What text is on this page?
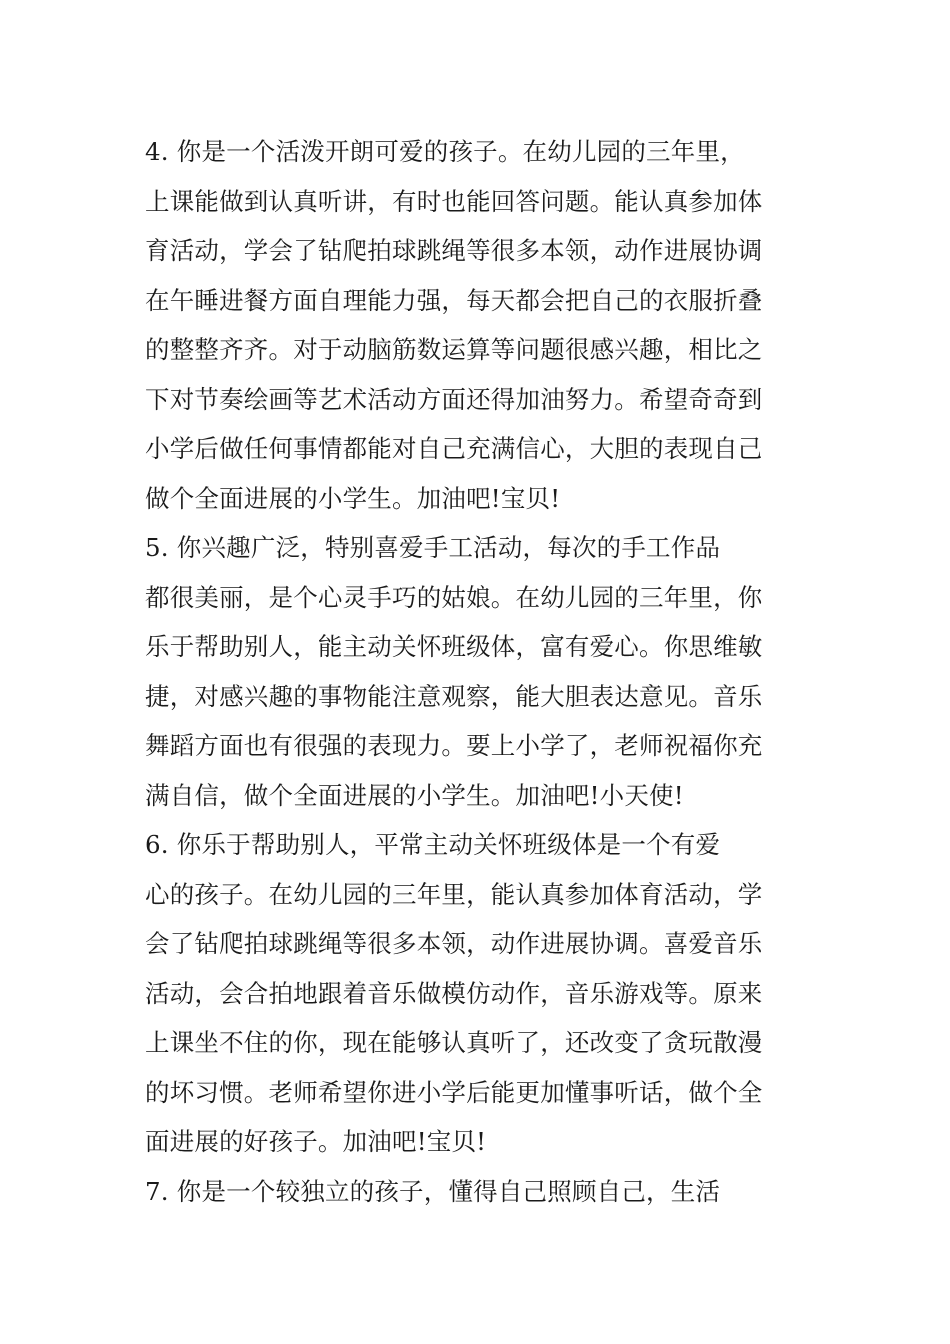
4. 你是一个活泼开朗可爱的孩子。在幼儿园的三年里，
上课能做到认真听讲，有时也能回答问题。能认真参加体
育活动，学会了钻爬拍球跳绳等很多本领，动作进展协调
在午睡进餐方面自理能力强，每天都会把自己的衣服折叠
的整整齐齐。对于动脑筋数运算等问题很感兴趣，相比之
下对节奏绘画等艺术活动方面还得加油努力。希望奇奇到
小学后做任何事情都能对自己充满信心，大胆的表现自己
做个全面进展的小学生。加油吧!宝贝!

5. 你兴趣广泛，特别喜爱手工活动，每次的手工作品
都很美丽，是个心灵手巧的姑娘。在幼儿园的三年里，你
乐于帮助别人，能主动关怀班级体，富有爱心。你思维敏
捷，对感兴趣的事物能注意观察，能大胆表达意见。音乐
舞蹈方面也有很强的表现力。要上小学了，老师祝福你充
满自信，做个全面进展的小学生。加油吧!小天使!

6. 你乐于帮助别人，平常主动关怀班级体是一个有爱
心的孩子。在幼儿园的三年里，能认真参加体育活动，学
会了钻爬拍球跳绳等很多本领，动作进展协调。喜爱音乐
活动，会合拍地跟着音乐做模仿动作，音乐游戏等。原来
上课坐不住的你，现在能够认真听了，还改变了贪玩散漫
的坏习惯。老师希望你进小学后能更加懂事听话，做个全
面进展的好孩子。加油吧!宝贝!

7. 你是一个较独立的孩子，懂得自己照顾自己，生活
